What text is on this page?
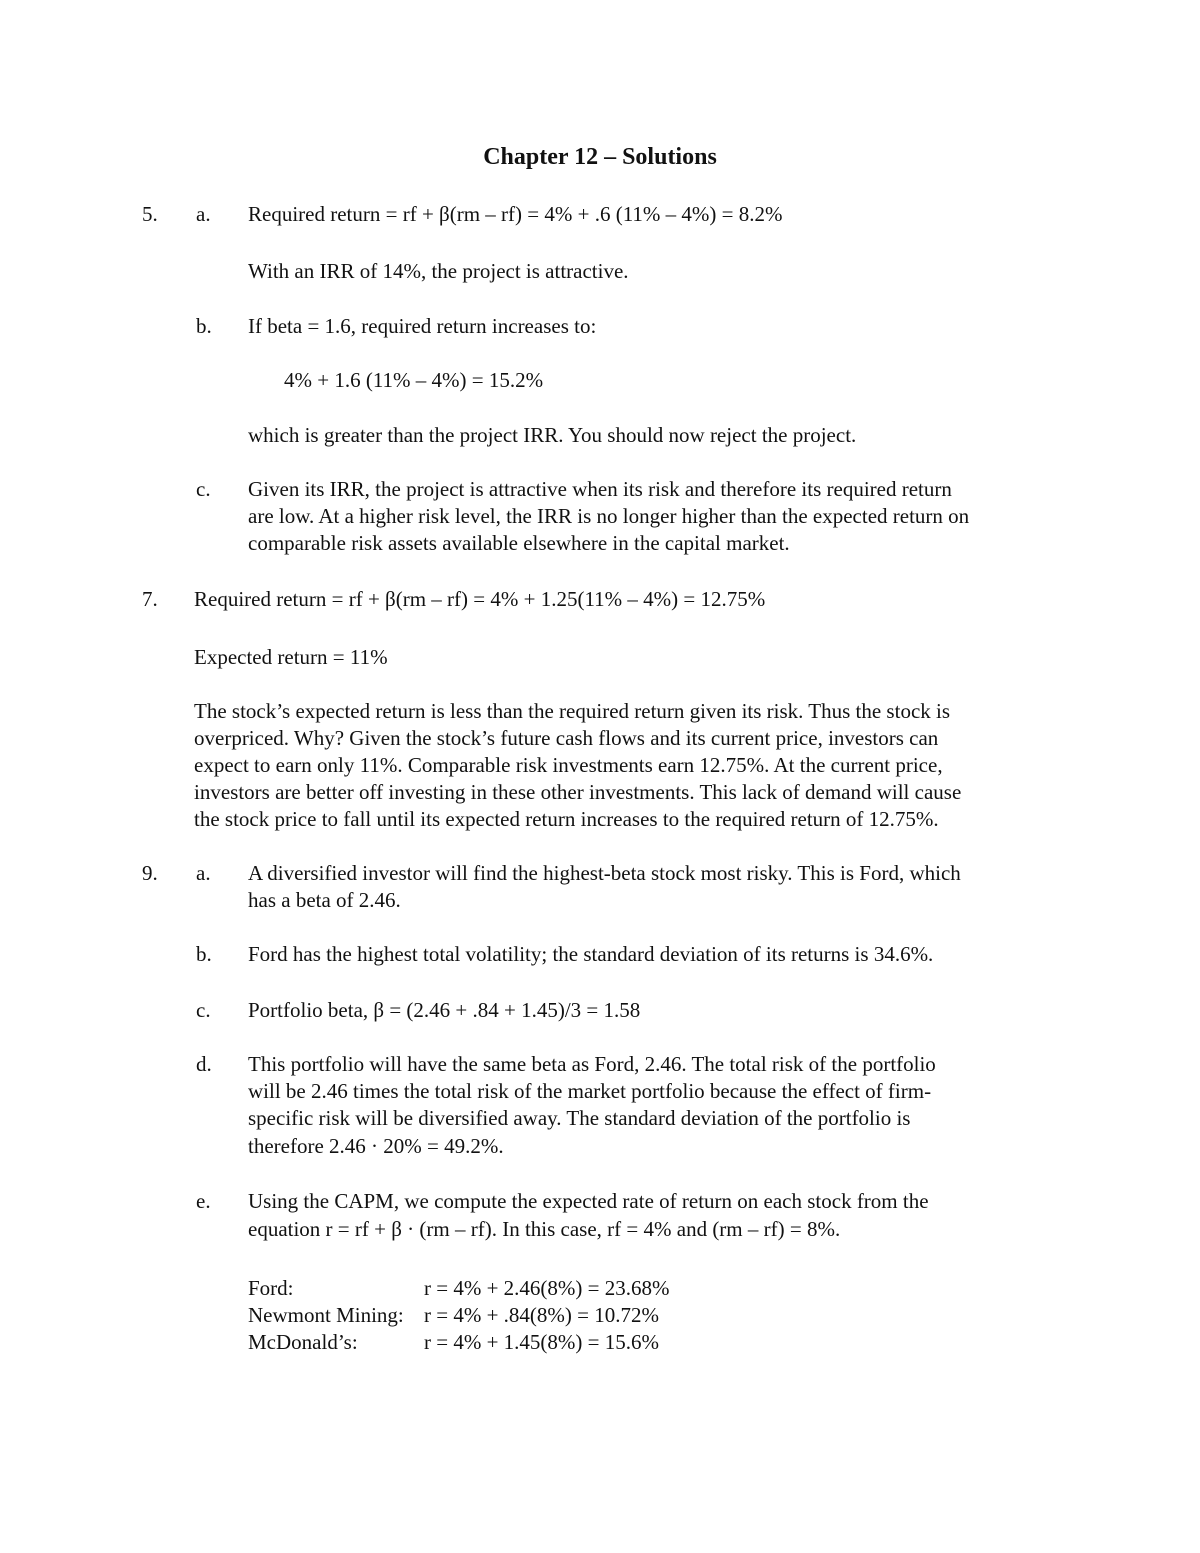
Chapter 12 – Solutions
5. a. Required return = rf + β(rm – rf) = 4% + .6 (11% – 4%) = 8.2%
With an IRR of 14%, the project is attractive.
b. If beta = 1.6, required return increases to:
4% + 1.6 (11% – 4%) = 15.2%
which is greater than the project IRR. You should now reject the project.
c. Given its IRR, the project is attractive when its risk and therefore its required return
are low. At a higher risk level, the IRR is no longer higher than the expected return on
comparable risk assets available elsewhere in the capital market.
7. Required return = rf + β(rm – rf) = 4% + 1.25(11% – 4%) = 12.75%
Expected return = 11%
The stock’s expected return is less than the required return given its risk. Thus the stock is
overpriced. Why? Given the stock’s future cash flows and its current price, investors can
expect to earn only 11%. Comparable risk investments earn 12.75%. At the current price,
investors are better off investing in these other investments. This lack of demand will cause
the stock price to fall until its expected return increases to the required return of 12.75%.
9. a. A diversified investor will find the highest-beta stock most risky. This is Ford, which
has a beta of 2.46.
b. Ford has the highest total volatility; the standard deviation of its returns is 34.6%.
c. Portfolio beta, β = (2.46 + .84 + 1.45)/3 = 1.58
d. This portfolio will have the same beta as Ford, 2.46. The total risk of the portfolio
will be 2.46 times the total risk of the market portfolio because the effect of firm-
specific risk will be diversified away. The standard deviation of the portfolio is
therefore 2.46 · 20% = 49.2%.
e. Using the CAPM, we compute the expected rate of return on each stock from the
equation r = rf + β · (rm – rf). In this case, rf = 4% and (rm – rf) = 8%.
Ford:	r = 4% + 2.46(8%) = 23.68%
Newmont Mining: r = 4% + .84(8%) = 10.72%
McDonald’s:	r = 4% + 1.45(8%) = 15.6%
